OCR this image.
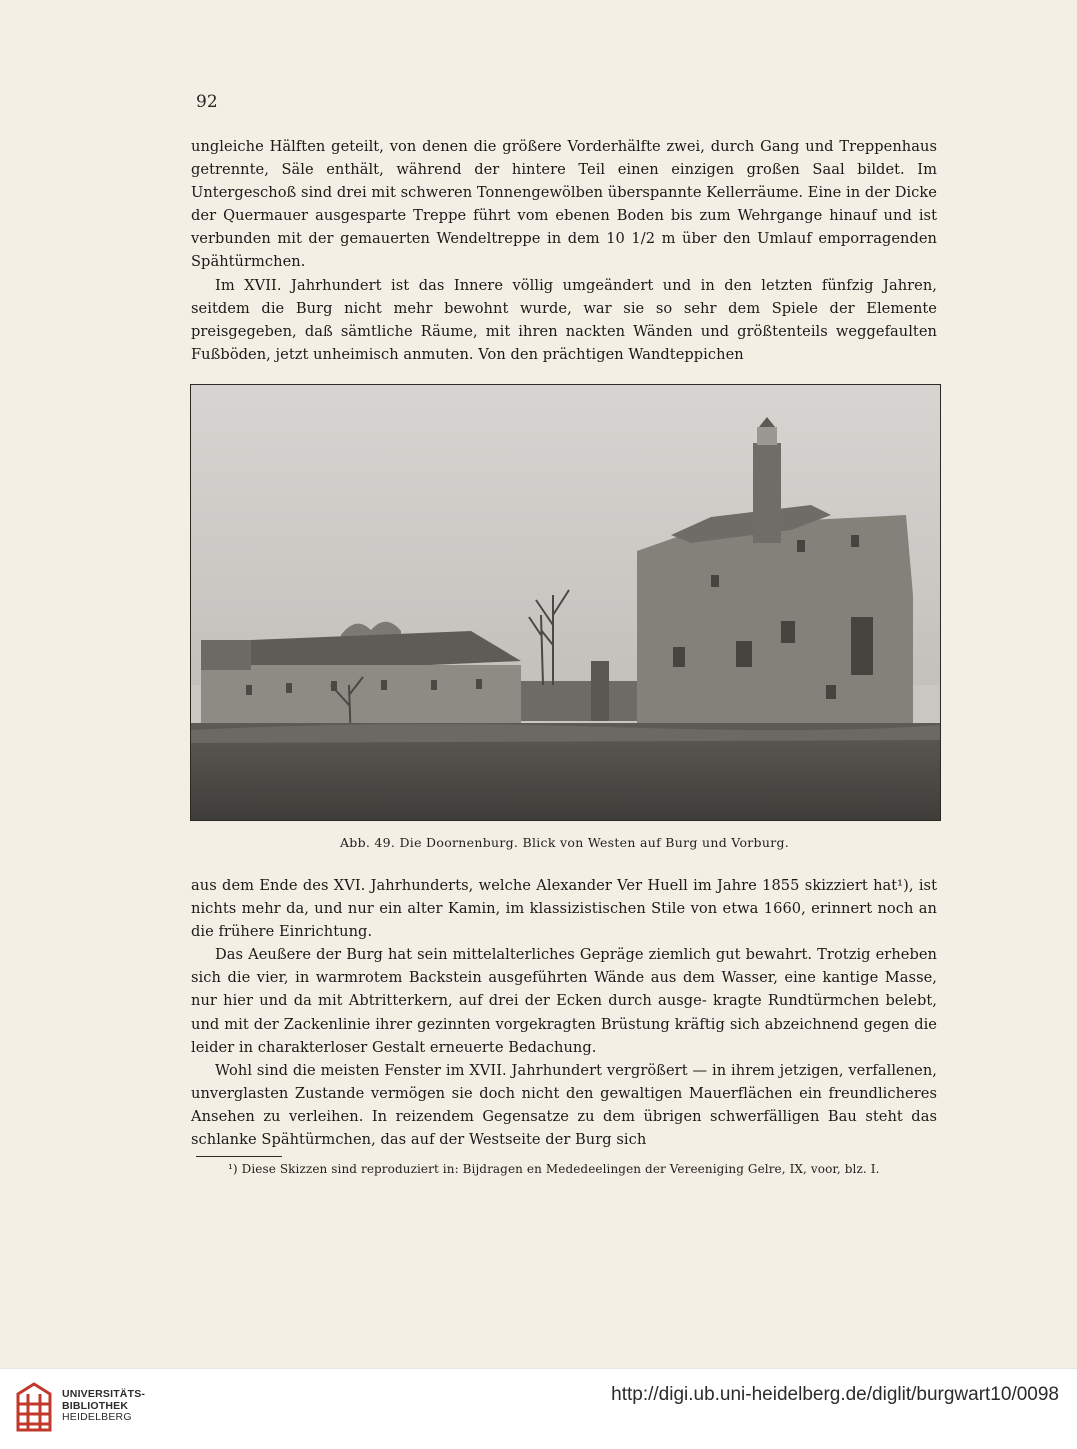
92

ungleiche Hälften geteilt, von denen die größere Vorderhälfte zwei, durch Gang und Treppenhaus getrennte, Säle enthält, während der hintere Teil einen einzigen großen Saal bildet. Im Untergeschoß sind drei mit schweren Tonnengewölben überspannte Kellerräume. Eine in der Dicke der Quermauer ausgesparte Treppe führt vom ebenen Boden bis zum Wehrgange hinauf und ist verbunden mit der gemauerten Wendeltreppe in dem 10 1/2 m über den Umlauf emporragenden Spähtürmchen.

Im XVII. Jahrhundert ist das Innere völlig umgeändert und in den letzten fünfzig Jahren, seitdem die Burg nicht mehr bewohnt wurde, war sie so sehr dem Spiele der Elemente preisgegeben, daß sämtliche Räume, mit ihren nackten Wänden und größtenteils weggefaulten Fußböden, jetzt unheimisch anmuten. Von den prächtigen Wandteppichen

Abb. 49. Die Doornenburg. Blick von Westen auf Burg und Vorburg.

aus dem Ende des XVI. Jahrhunderts, welche Alexander Ver Huell im Jahre 1855 skizziert hat¹), ist nichts mehr da, und nur ein alter Kamin, im klassizistischen Stile von etwa 1660, erinnert noch an die frühere Einrichtung.

Das Aeußere der Burg hat sein mittelalterliches Gepräge ziemlich gut bewahrt. Trotzig erheben sich die vier, in warmrotem Backstein ausgeführten Wände aus dem Wasser, eine kantige Masse, nur hier und da mit Abtritterkern, auf drei der Ecken durch ausge- kragte Rundtürmchen belebt, und mit der Zackenlinie ihrer gezinnten vorgekragten Brüstung kräftig sich abzeichnend gegen die leider in charakterloser Gestalt erneuerte Bedachung.

Wohl sind die meisten Fenster im XVII. Jahrhundert vergrößert — in ihrem jetzigen, verfallenen, unverglasten Zustande vermögen sie doch nicht den gewaltigen Mauerflächen ein freundlicheres Ansehen zu verleihen. In reizendem Gegensatze zu dem übrigen schwerfälligen Bau steht das schlanke Spähtürmchen, das auf der Westseite der Burg sich

¹) Diese Skizzen sind reproduziert in: Bijdragen en Mededeelingen der Vereeniging Gelre, IX, voor, blz. I.
UNIVERSITÄTS-
BIBLIOTHEK
HEIDELBERG
http://digi.ub.uni-heidelberg.de/diglit/burgwart10/0098
